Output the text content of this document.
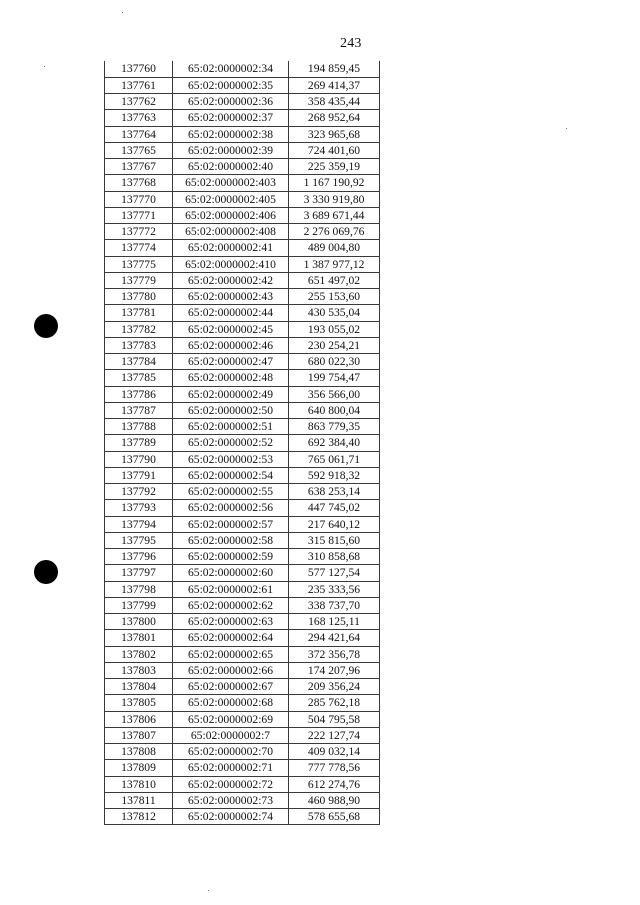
243
137760	65:02:0000002:34	194 859,45
137761	65:02:0000002:35	269 414,37
137762	65:02:0000002:36	358 435,44
137763	65:02:0000002:37	268 952,64
137764	65:02:0000002:38	323 965,68
137765	65:02:0000002:39	724 401,60
137767	65:02:0000002:40	225 359,19
137768	65:02:0000002:403	1 167 190,92
137770	65:02:0000002:405	3 330 919,80
137771	65:02:0000002:406	3 689 671,44
137772	65:02:0000002:408	2 276 069,76
137774	65:02:0000002:41	489 004,80
137775	65:02:0000002:410	1 387 977,12
137779	65:02:0000002:42	651 497,02
137780	65:02:0000002:43	255 153,60
137781	65:02:0000002:44	430 535,04
137782	65:02:0000002:45	193 055,02
137783	65:02:0000002:46	230 254,21
137784	65:02:0000002:47	680 022,30
137785	65:02:0000002:48	199 754,47
137786	65:02:0000002:49	356 566,00
137787	65:02:0000002:50	640 800,04
137788	65:02:0000002:51	863 779,35
137789	65:02:0000002:52	692 384,40
137790	65:02:0000002:53	765 061,71
137791	65:02:0000002:54	592 918,32
137792	65:02:0000002:55	638 253,14
137793	65:02:0000002:56	447 745,02
137794	65:02:0000002:57	217 640,12
137795	65:02:0000002:58	315 815,60
137796	65:02:0000002:59	310 858,68
137797	65:02:0000002:60	577 127,54
137798	65:02:0000002:61	235 333,56
137799	65:02:0000002:62	338 737,70
137800	65:02:0000002:63	168 125,11
137801	65:02:0000002:64	294 421,64
137802	65:02:0000002:65	372 356,78
137803	65:02:0000002:66	174 207,96
137804	65:02:0000002:67	209 356,24
137805	65:02:0000002:68	285 762,18
137806	65:02:0000002:69	504 795,58
137807	65:02:0000002:7	222 127,74
137808	65:02:0000002:70	409 032,14
137809	65:02:0000002:71	777 778,56
137810	65:02:0000002:72	612 274,76
137811	65:02:0000002:73	460 988,90
137812	65:02:0000002:74	578 655,68
